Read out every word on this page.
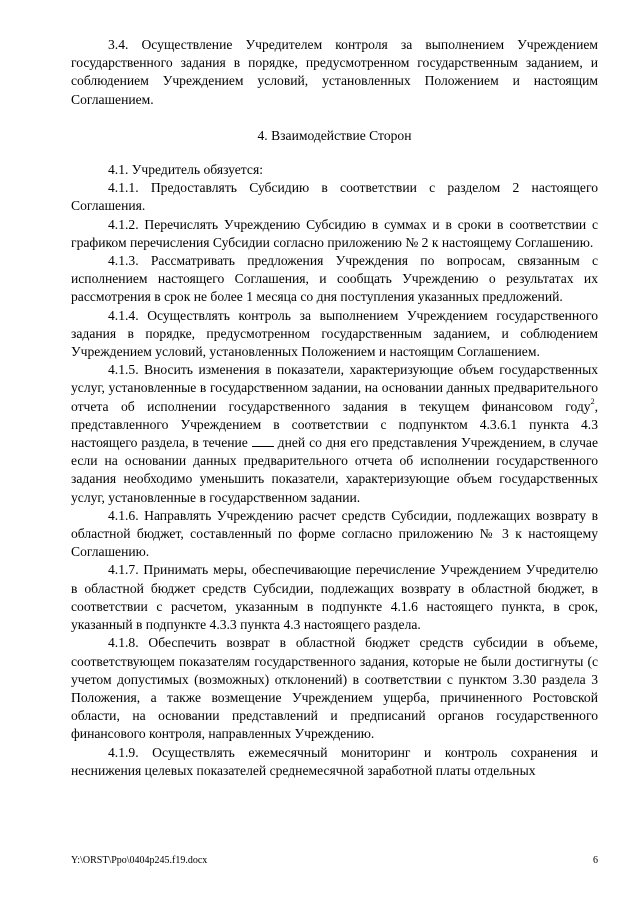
3.4. Осуществление Учредителем контроля за выполнением Учреждением государственного задания в порядке, предусмотренном государственным заданием, и соблюдением Учреждением условий, установленных Положением и настоящим Соглашением.

4. Взаимодействие Сторон

4.1. Учредитель обязуется:

4.1.1. Предоставлять Субсидию в соответствии с разделом 2 настоящего Соглашения.

4.1.2. Перечислять Учреждению Субсидию в суммах и в сроки в соответствии с графиком перечисления Субсидии согласно приложению № 2 к настоящему Соглашению.

4.1.3. Рассматривать предложения Учреждения по вопросам, связанным с исполнением настоящего Соглашения, и сообщать Учреждению о результатах их рассмотрения в срок не более 1 месяца со дня поступления указанных предложений.

4.1.4. Осуществлять контроль за выполнением Учреждением государственного задания в порядке, предусмотренном государственным заданием, и соблюдением Учреждением условий, установленных Положением и настоящим Соглашением.

4.1.5. Вносить изменения в показатели, характеризующие объем государственных услуг, установленные в государственном задании, на основании данных предварительного отчета об исполнении государственного задания в текущем финансовом году$^2$, представленного Учреждением в соответствии с подпунктом 4.3.6.1 пункта 4.3 настоящего раздела, в течение  дней со дня его представления Учреждением, в случае если на основании данных предварительного отчета об исполнении государственного задания необходимо уменьшить показатели, характеризующие объем государственных услуг, установленные в государственном задании.

4.1.6. Направлять Учреждению расчет средств Субсидии, подлежащих возврату в областной бюджет, составленный по форме согласно приложению № 3 к настоящему Соглашению.

4.1.7. Принимать меры, обеспечивающие перечисление Учреждением Учредителю в областной бюджет средств Субсидии, подлежащих возврату в областной бюджет, в соответствии с расчетом, указанным в подпункте 4.1.6 настоящего пункта, в срок, указанный в подпункте 4.3.3 пункта 4.3 настоящего раздела.

4.1.8. Обеспечить возврат в областной бюджет средств субсидии в объеме, соответствующем показателям государственного задания, которые не были достигнуты (с учетом допустимых (возможных) отклонений) в соответствии с пунктом 3.30 раздела 3 Положения, а также возмещение Учреждением ущерба, причиненного Ростовской области, на основании представлений и предписаний органов государственного финансового контроля, направленных Учреждению.

4.1.9. Осуществлять ежемесячный мониторинг и контроль сохранения и неснижения целевых показателей среднемесячной заработной платы отдельных

Y:\ORST\Ppo\0404p245.f19.docx	6
